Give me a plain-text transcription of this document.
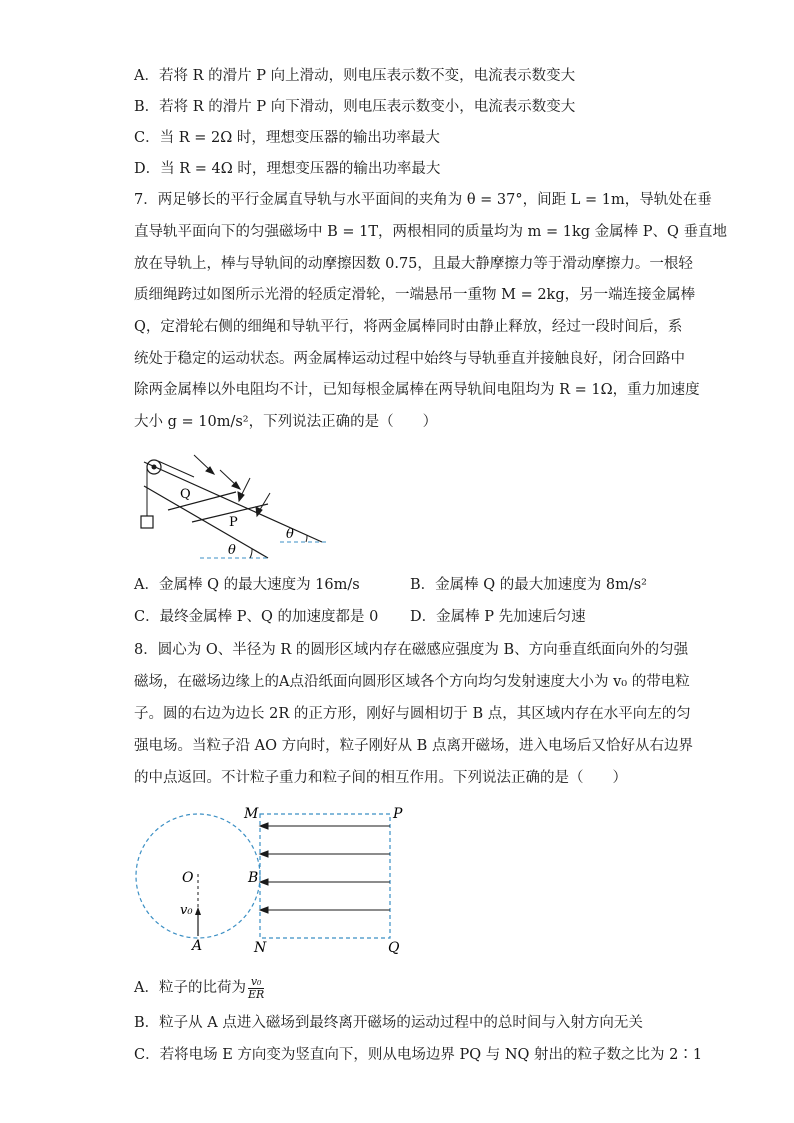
A．若将 R 的滑片 P 向上滑动，则电压表示数不变，电流表示数变大
B．若将 R 的滑片 P 向下滑动，则电压表示数变小，电流表示数变大
C．当 R = 2Ω 时，理想变压器的输出功率最大
D．当 R = 4Ω 时，理想变压器的输出功率最大
7．两足够长的平行金属直导轨与水平面间的夹角为 θ = 37°，间距 L = 1m，导轨处在垂
直导轨平面向下的匀强磁场中 B = 1T，两根相同的质量均为 m = 1kg 金属棒 P、Q 垂直地
放在导轨上，棒与导轨间的动摩擦因数 0.75，且最大静摩擦力等于滑动摩擦力。一根轻
质细绳跨过如图所示光滑的轻质定滑轮，一端悬吊一重物 M = 2kg，另一端连接金属棒
Q，定滑轮右侧的细绳和导轨平行，将两金属棒同时由静止释放，经过一段时间后，系
统处于稳定的运动状态。两金属棒运动过程中始终与导轨垂直并接触良好，闭合回路中
除两金属棒以外电阻均不计，已知每根金属棒在两导轨间电阻均为 R = 1Ω，重力加速度
大小 g = 10m/s²，下列说法正确的是（　　）
Q
P
θ
θ
A．金属棒 Q 的最大速度为 16m/s	B．金属棒 Q 的最大加速度为 8m/s²
C．最终金属棒 P、Q 的加速度都是 0 D．金属棒 P 先加速后匀速
8．圆心为 O、半径为 R 的圆形区域内存在磁感应强度为 B、方向垂直纸面向外的匀强
磁场，在磁场边缘上的A点沿纸面向圆形区域各个方向均匀发射速度大小为 v₀ 的带电粒
子。圆的右边为边长 2R 的正方形，刚好与圆相切于 B 点，其区域内存在水平向左的匀
强电场。当粒子沿 AO 方向时，粒子刚好从 B 点离开磁场，进入电场后又恰好从右边界
的中点返回。不计粒子重力和粒子间的相互作用。下列说法正确的是（　　）
M	P
O	B
v₀
A	N	Q
A．粒子的比荷为 $\frac{\text{v₀}}{ER}$
B．粒子从 A 点进入磁场到最终离开磁场的运动过程中的总时间与入射方向无关
C．若将电场 E 方向变为竖直向下，则从电场边界 PQ 与 NQ 射出的粒子数之比为 2∶1
